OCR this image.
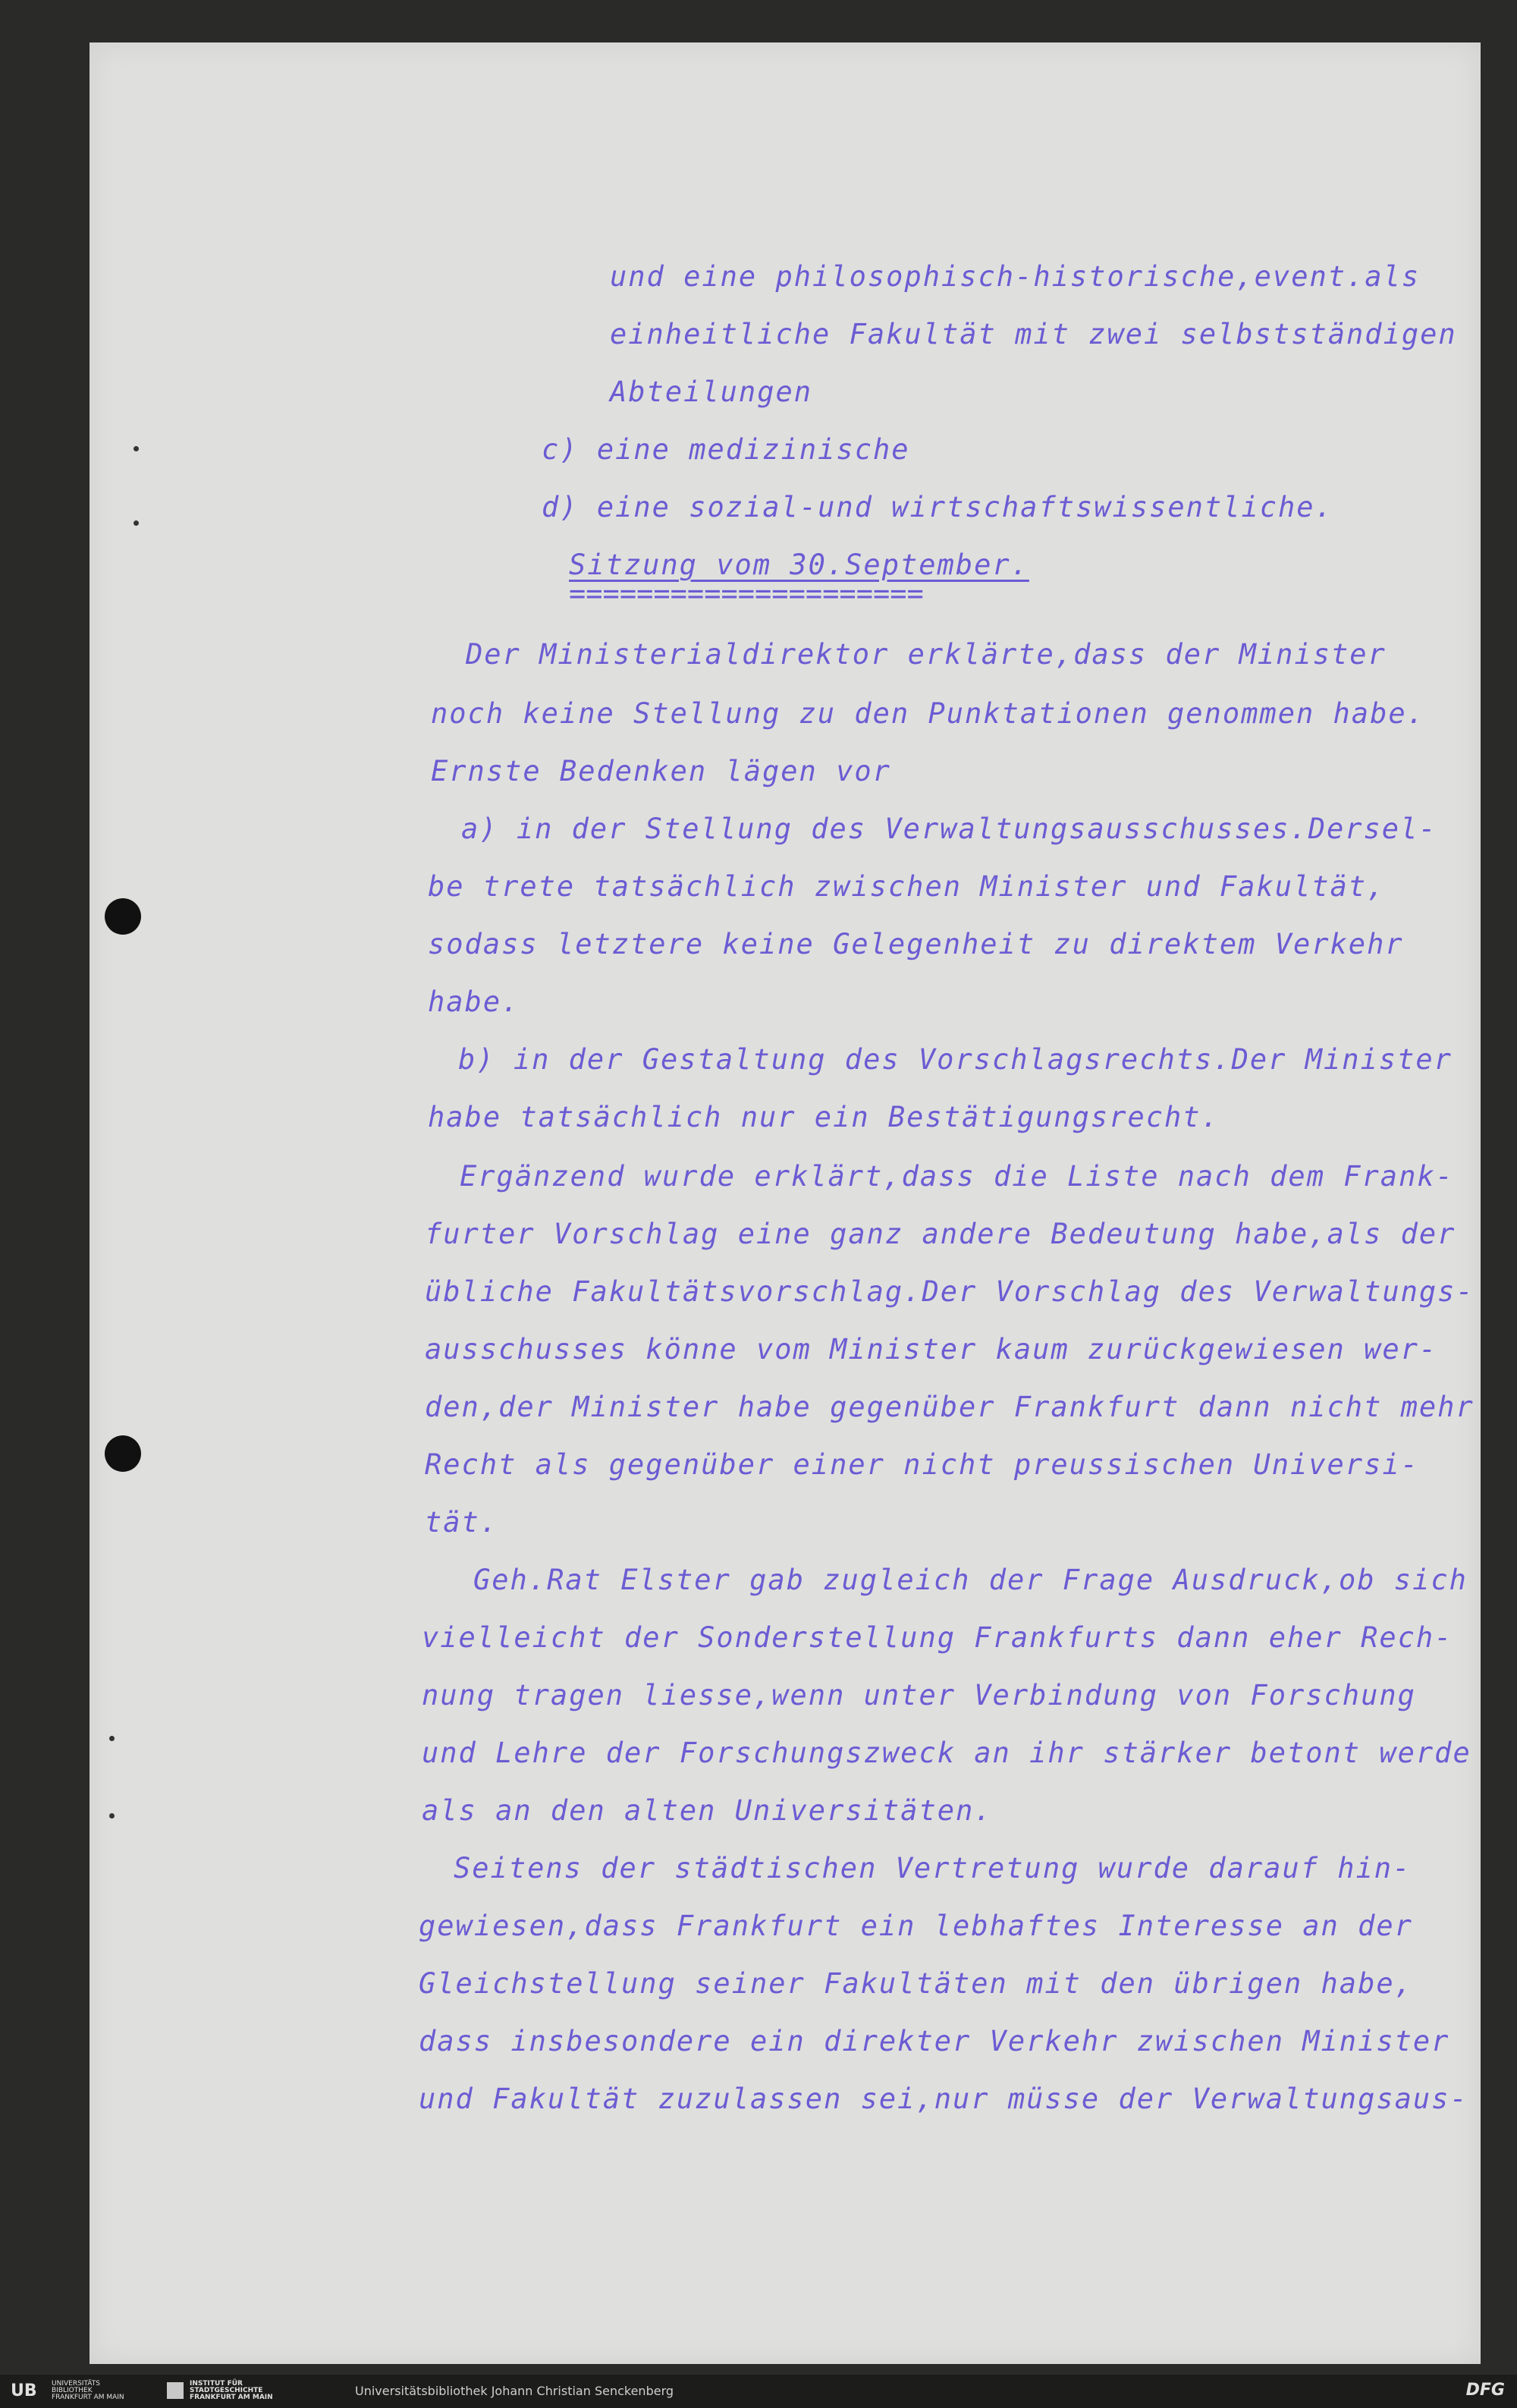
und eine philosophisch-historische,event.als

einheitliche Fakultät mit zwei selbstständigen

Abteilungen

c) eine medizinische

d) eine sozial-und wirtschaftswissentliche.

Sitzung vom 30.September.

=====================

Der Ministerialdirektor erklärte,dass der Minister

noch keine Stellung zu den Punktationen genommen habe.

Ernste Bedenken lägen vor

a) in der Stellung des Verwaltungsausschusses.Dersel-

be trete tatsächlich zwischen Minister und Fakultät,

sodass letztere keine Gelegenheit zu direktem Verkehr

habe.

b) in der Gestaltung des Vorschlagsrechts.Der Minister

habe tatsächlich nur ein Bestätigungsrecht.

Ergänzend wurde erklärt,dass die Liste nach dem Frank-

furter Vorschlag eine ganz andere Bedeutung habe,als der

übliche Fakultätsvorschlag.Der Vorschlag des Verwaltungs-

ausschusses könne vom Minister kaum zurückgewiesen wer-

den,der Minister habe gegenüber Frankfurt dann nicht mehr

Recht als gegenüber einer nicht preussischen Universi-

tät.

Geh.Rat Elster gab zugleich der Frage Ausdruck,ob sich

vielleicht der Sonderstellung Frankfurts dann eher Rech-

nung tragen liesse,wenn unter Verbindung von Forschung

und Lehre der Forschungszweck an ihr stärker betont werde

als an den alten Universitäten.

Seitens der städtischen Vertretung wurde darauf hin-

gewiesen,dass Frankfurt ein lebhaftes Interesse an der

Gleichstellung seiner Fakultäten mit den übrigen habe,

dass insbesondere ein direkter Verkehr zwischen Minister

und Fakultät zuzulassen sei,nur müsse der Verwaltungsaus-

UB UNIVERSITÄTS
BIBLIOTHEK
FRANKFURT AM MAIN
INSTITUT FÜR
STADTGESCHICHTE
FRANKFURT AM MAIN	Universitätsbibliothek Johann Christian Senckenberg	DFG
